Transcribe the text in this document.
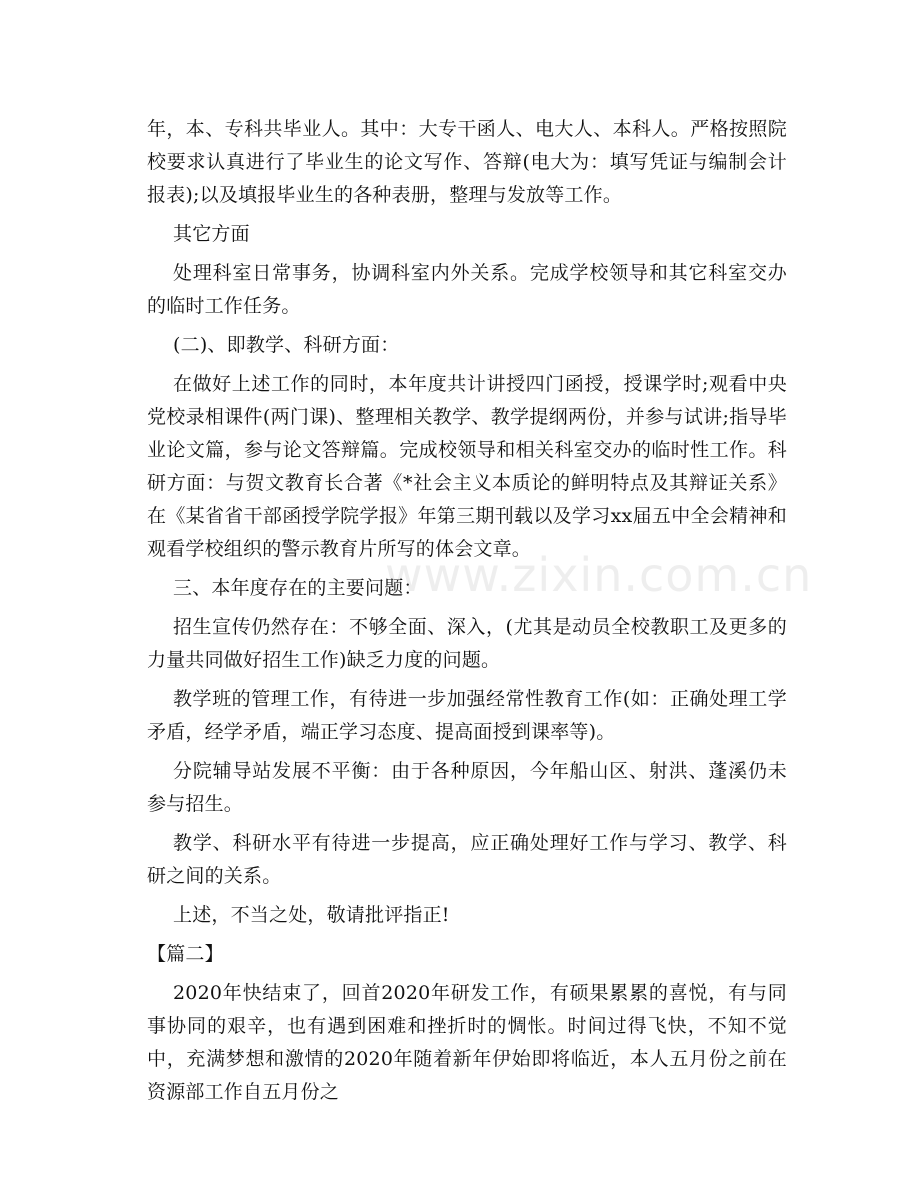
年，本、专科共毕业人。其中：大专干函人、电大人、本科人。严格按照院校要求认真进行了毕业生的论文写作、答辩(电大为：填写凭证与编制会计报表);以及填报毕业生的各种表册，整理与发放等工作。

其它方面

处理科室日常事务，协调科室内外关系。完成学校领导和其它科室交办的临时工作任务。

(二)、即教学、科研方面：

在做好上述工作的同时，本年度共计讲授四门函授，授课学时;观看中央党校录相课件(两门课)、整理相关教学、教学提纲两份，并参与试讲;指导毕业论文篇，参与论文答辩篇。完成校领导和相关科室交办的临时性工作。科研方面：与贺文教育长合著《*社会主义本质论的鲜明特点及其辩证关系》在《某省省干部函授学院学报》年第三期刊载以及学习xx届五中全会精神和观看学校组织的警示教育片所写的体会文章。

三、本年度存在的主要问题：

招生宣传仍然存在：不够全面、深入，(尤其是动员全校教职工及更多的力量共同做好招生工作)缺乏力度的问题。

教学班的管理工作，有待进一步加强经常性教育工作(如：正确处理工学矛盾，经学矛盾，端正学习态度、提高面授到课率等)。

分院辅导站发展不平衡：由于各种原因，今年船山区、射洪、蓬溪仍未参与招生。

教学、科研水平有待进一步提高，应正确处理好工作与学习、教学、科研之间的关系。

上述，不当之处，敬请批评指正!

【篇二】

2020年快结束了，回首2020年研发工作，有硕果累累的喜悦，有与同事协同的艰辛，也有遇到困难和挫折时的惆怅。时间过得飞快，不知不觉中，充满梦想和激情的2020年随着新年伊始即将临近，本人五月份之前在资源部工作自五月份之

www.zixin.com.cn
